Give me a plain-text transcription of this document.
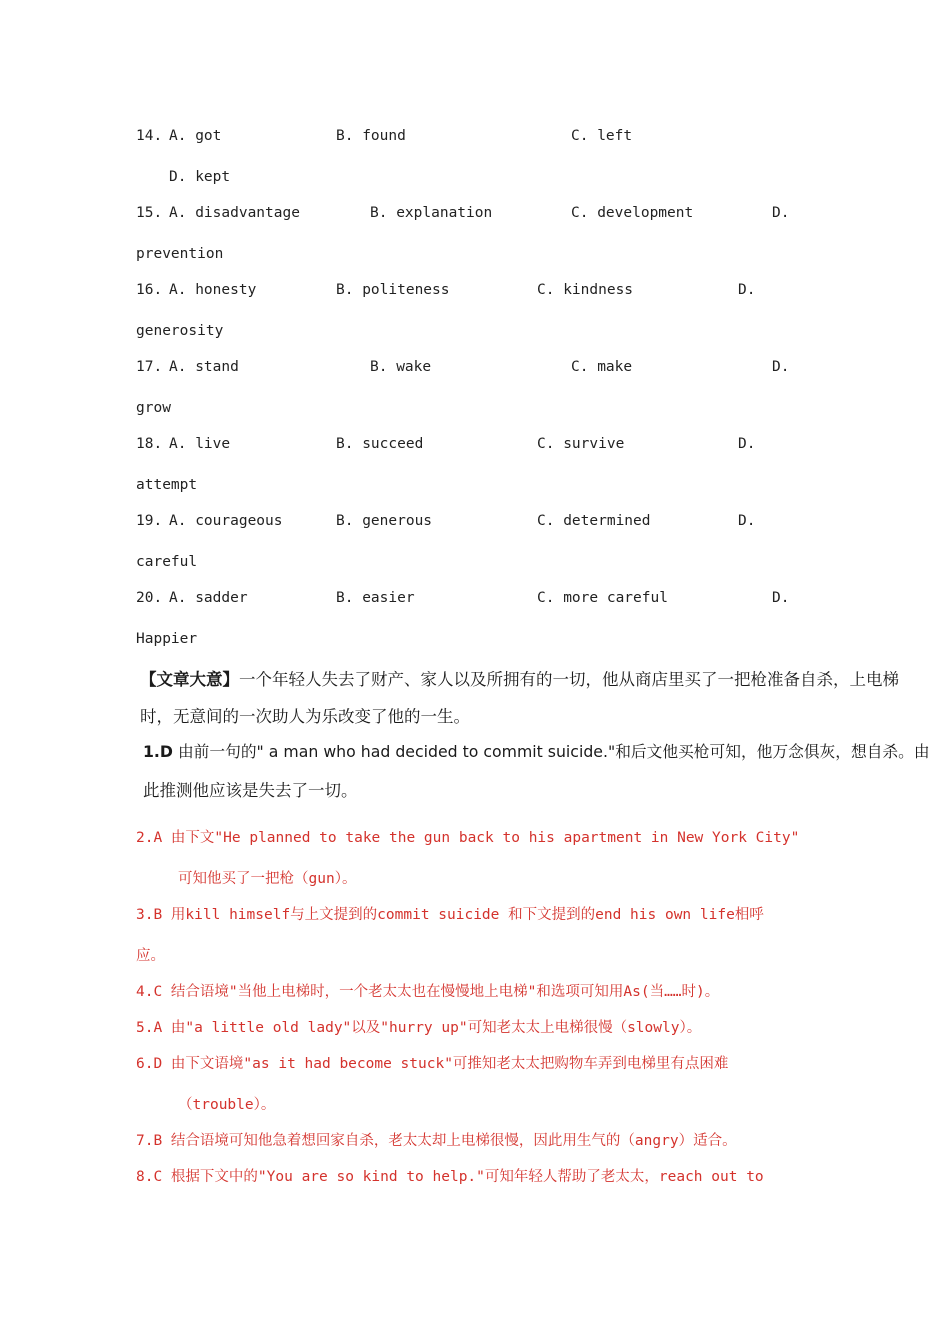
14. A. got	B. found	C. left
D. kept
15. A. disadvantage	B. explanation	C. development	D.
prevention
16. A. honesty	B. politeness	C. kindness	D.
generosity
17. A. stand	B. wake	C. make	D.
grow
18. A. live	B. succeed	C. survive	D.
attempt
19. A. courageous	B. generous	C. determined	D.
careful
20. A. sadder	B. easier	C. more careful	D.
Happier
【文章大意】一个年轻人失去了财产、家人以及所拥有的一切，他从商店里买了一把枪准备自杀，上电梯
时，无意间的一次助人为乐改变了他的一生。
1.D 由前一句的" a man who had decided to commit suicide."和后文他买枪可知，他万念俱灰，想自杀。由
此推测他应该是失去了一切。
2.A 由下文"He planned to take the gun back to his apartment in New York City"
可知他买了一把枪（gun）。
3.B 用kill himself与上文提到的commit suicide 和下文提到的end his own life相呼
应。
4.C 结合语境"当他上电梯时，一个老太太也在慢慢地上电梯"和选项可知用As(当……时)。
5.A 由"a little old lady"以及"hurry up"可知老太太上电梯很慢（slowly）。
6.D 由下文语境"as it had become stuck"可推知老太太把购物车弄到电梯里有点困难
（trouble）。
7.B 结合语境可知他急着想回家自杀，老太太却上电梯很慢，因此用生气的（angry）适合。
8.C 根据下文中的"You are so kind to help."可知年轻人帮助了老太太，reach out to
